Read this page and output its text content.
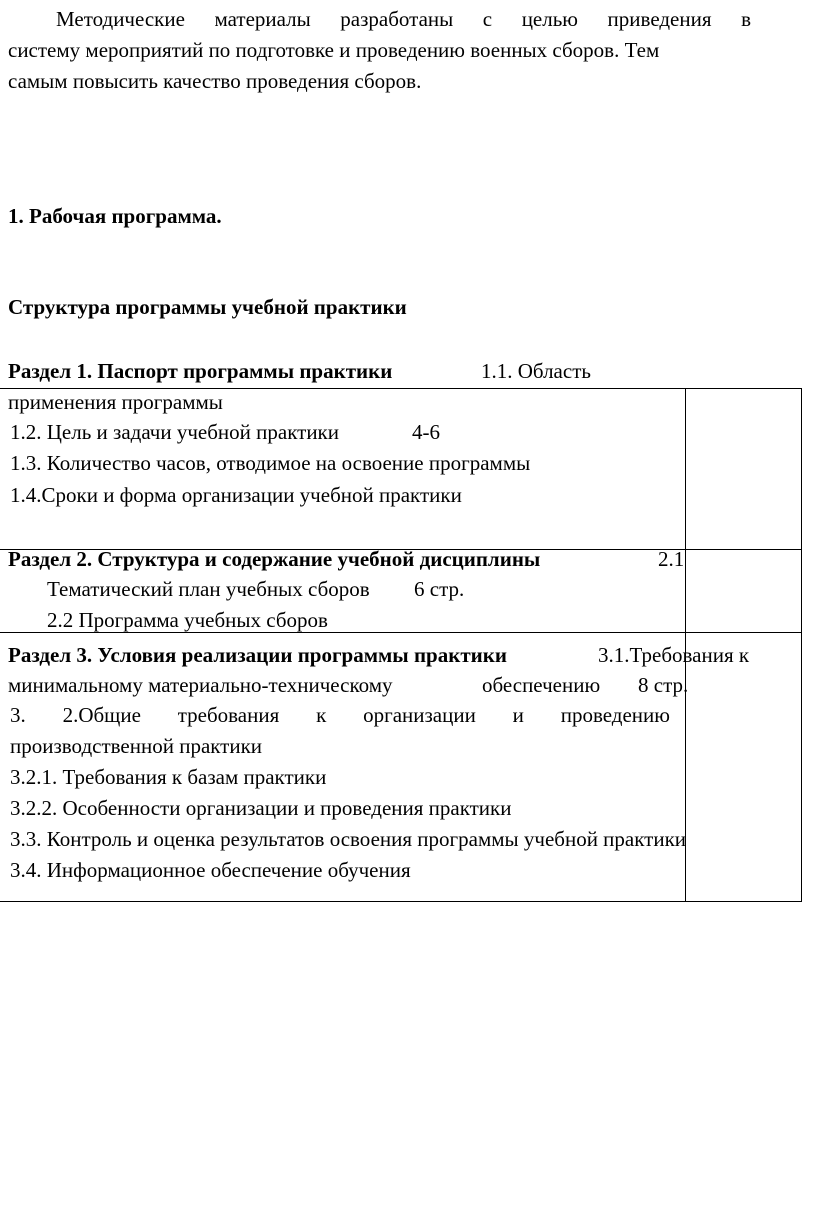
Методические материалы разработаны с целью приведения в
систему мероприятий по подготовке и проведению военных сборов. Тем
самым повысить качество проведения сборов.
1. Рабочая программа.
Структура программы учебной практики
Раздел 1. Паспорт программы практики	1.1. Область
применения программы
1.2. Цель и задачи учебной практики	4-6
1.3. Количество часов, отводимое на освоение программы
1.4.Сроки и форма организации учебной практики
Раздел 2. Структура и содержание учебной дисциплины	2.1
Тематический план учебных сборов 6 стр.
2.2 Программа учебных сборов
Раздел 3. Условия реализации программы практики	3.1.Требования к
минимальному материально-техническому	обеспечению 8 стр.
3. 2.Общие требования к организации и проведению
производственной практики
3.2.1. Требования к базам практики
3.2.2. Особенности организации и проведения практики
3.3. Контроль и оценка результатов освоения программы учебной практики
3.4. Информационное обеспечение обучения
